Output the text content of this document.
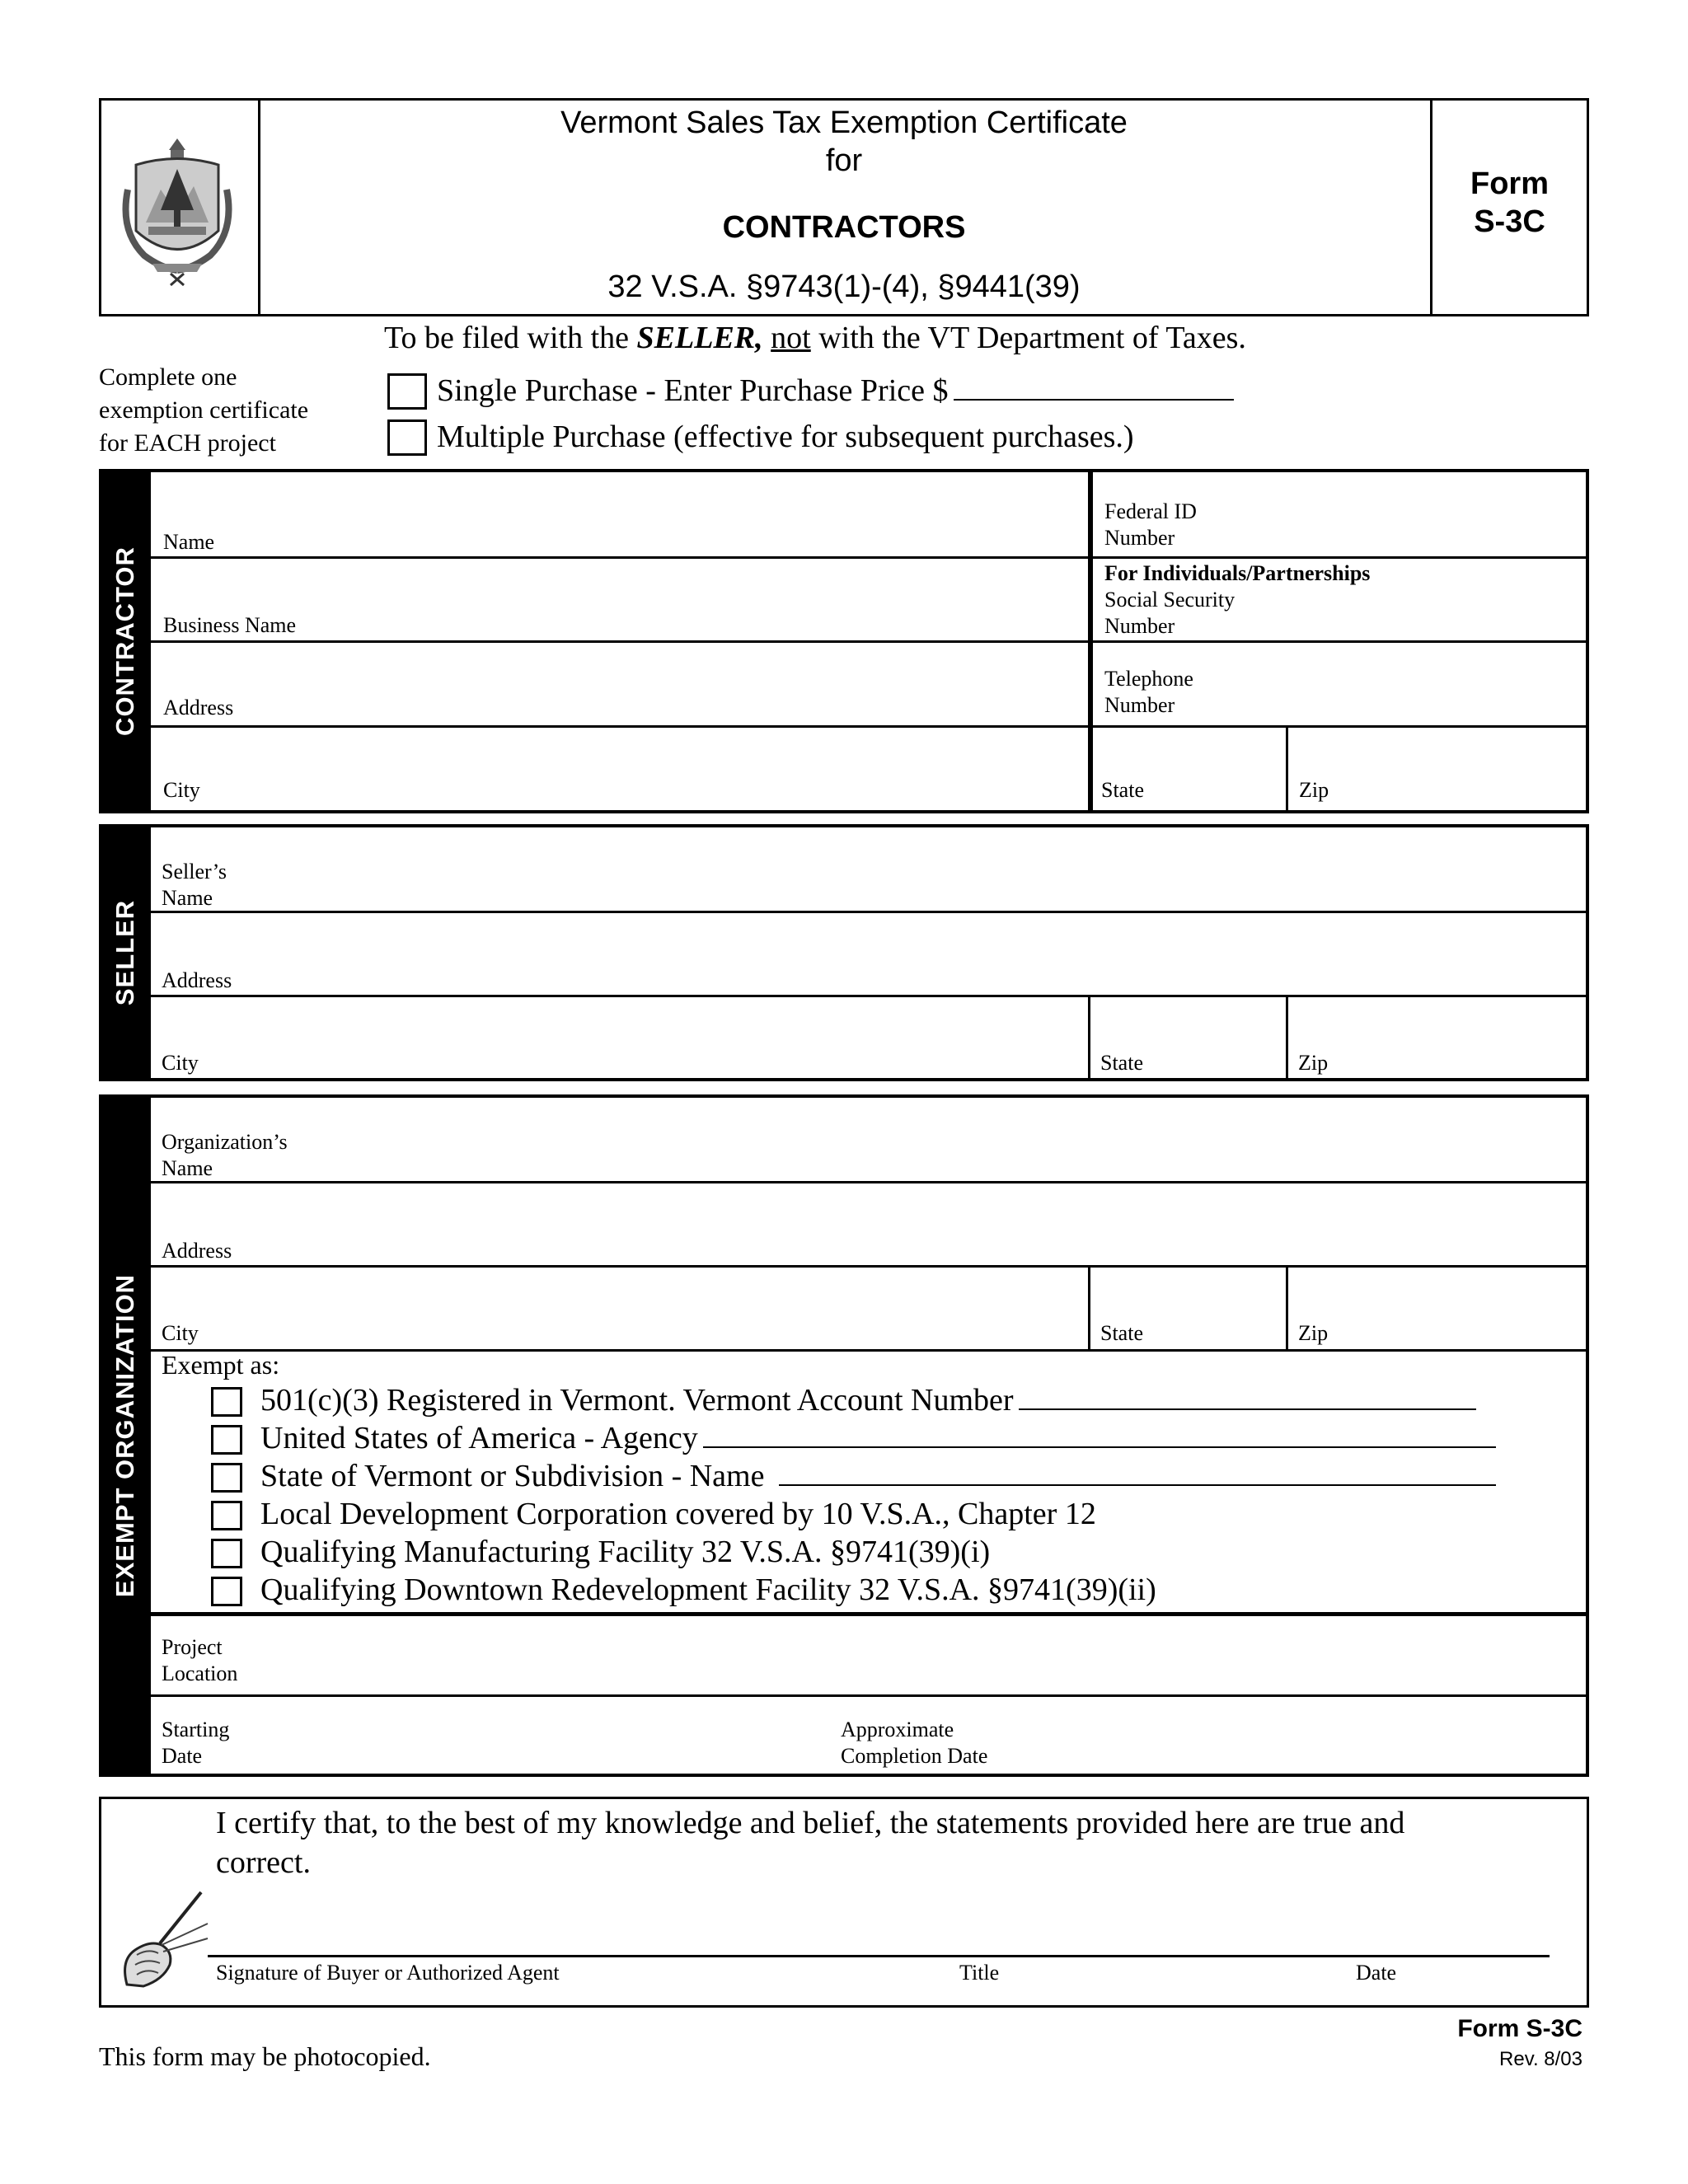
Vermont Sales Tax Exemption Certificate
for
CONTRACTORS
32 V.S.A. §9743(1)-(4), §9441(39)
Form
S-3C
To be filed with the SELLER, not with the VT Department of Taxes.
Complete one
exemption certificate
for EACH project
Single Purchase - Enter Purchase Price $
Multiple Purchase (effective for subsequent purchases.)
CONTRACTOR
Name
Business Name
Address
City	State	Zip
Federal ID
Number
For Individuals/Partnerships
Social Security
Number
Telephone
Number
SELLER
Seller’s
Name
Address
City	State	Zip
EXEMPT ORGANIZATION
Organization’s
Name
Address
City	State	Zip
Exempt as:
501(c)(3) Registered in Vermont. Vermont Account Number
United States of America - Agency
State of Vermont or Subdivision - Name
Local Development Corporation covered by 10 V.S.A., Chapter 12
Qualifying Manufacturing Facility 32 V.S.A. §9741(39)(i)
Qualifying Downtown Redevelopment Facility 32 V.S.A. §9741(39)(ii)
Project
Location
Starting
Date
Approximate
Completion Date
I certify that, to the best of my knowledge and belief, the statements provided here are true and
correct.
Signature of Buyer or Authorized Agent	Title	Date
This form may be photocopied.
Form S-3C
Rev. 8/03
